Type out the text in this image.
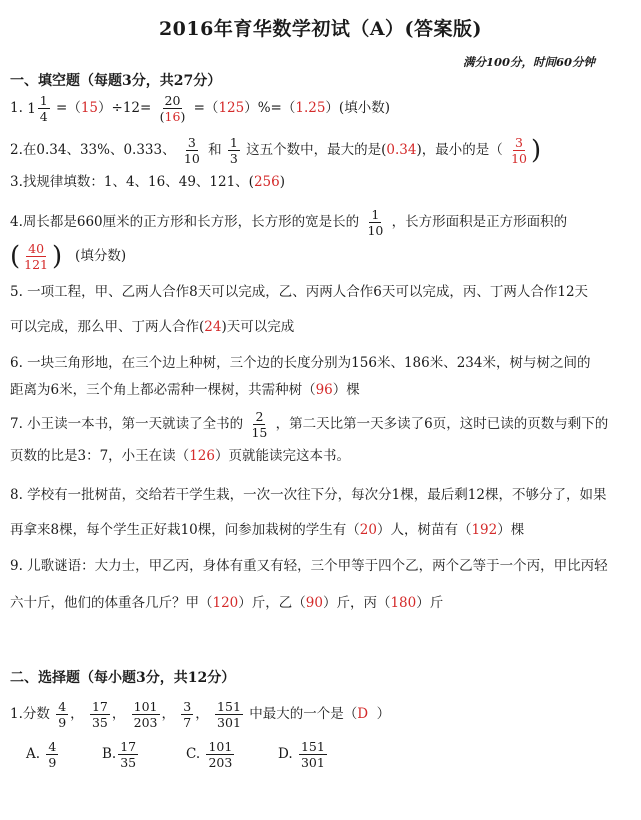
2016年育华数学初试（A）(答案版)
满分100分，时间60分钟
一、填空题（每题3分，共27分）
1. $1 \frac{1}{4} =(15)\div 12= \frac{20}{(16)} =(125)\%=(1.25)$(填小数)
2.在0.34、33%、0.333、 $\frac{3}{10}$ 和 $\frac{1}{3}$ 这五个数中，最大的是(0.34)，最小的是（ $\frac{3}{10}$ )
3.找规律填数：1、4、16、49、121、(256)
4.周长都是660厘米的正方形和长方形，长方形的宽是长的 $\frac{1}{10}$ ，长方形面积是正方形面积的
( $\frac{40}{121}$ ) (填分数)
5. 一项工程，甲、乙两人合作8天可以完成，乙、丙两人合作6天可以完成，丙、丁两人合作12天
可以完成，那么甲、丁两人合作(24)天可以完成
6. 一块三角形地，在三个边上种树，三个边的长度分别为156米、186米、234米，树与树之间的
距离为6米，三个角上都必需种一棵树，共需种树（96）棵
7. 小王读一本书，第一天就读了全书的 $\frac{2}{15}$ ，第二天比第一天多读了6页，这时已读的页数与剩下的
页数的比是3：7，小王在读（126）页就能读完这本书。
8. 学校有一批树苗，交给若干学生栽，一次一次往下分，每次分1棵，最后剩12棵，不够分了，如果
再拿来8棵，每个学生正好栽10棵，问参加栽树的学生有（20）人，树苗有（192）棵
9. 儿歌谜语：大力士，甲乙丙，身体有重又有轻，三个甲等于四个乙，两个乙等于一个丙，甲比丙轻
六十斤，他们的体重各几斤？甲（120）斤，乙（90）斤，丙（180）斤
二、选择题（每小题3分，共12分）
1.分数 $\frac{4}{9}$ ， $\frac{17}{35}$ ， $\frac{101}{203}$ ， $\frac{3}{7}$ ， $\frac{151}{301}$ 中最大的一个是（D ）
A. $\frac{4}{9}$	B. $\frac{17}{35}$	C. $\frac{101}{203}$	D. $\frac{151}{301}$
